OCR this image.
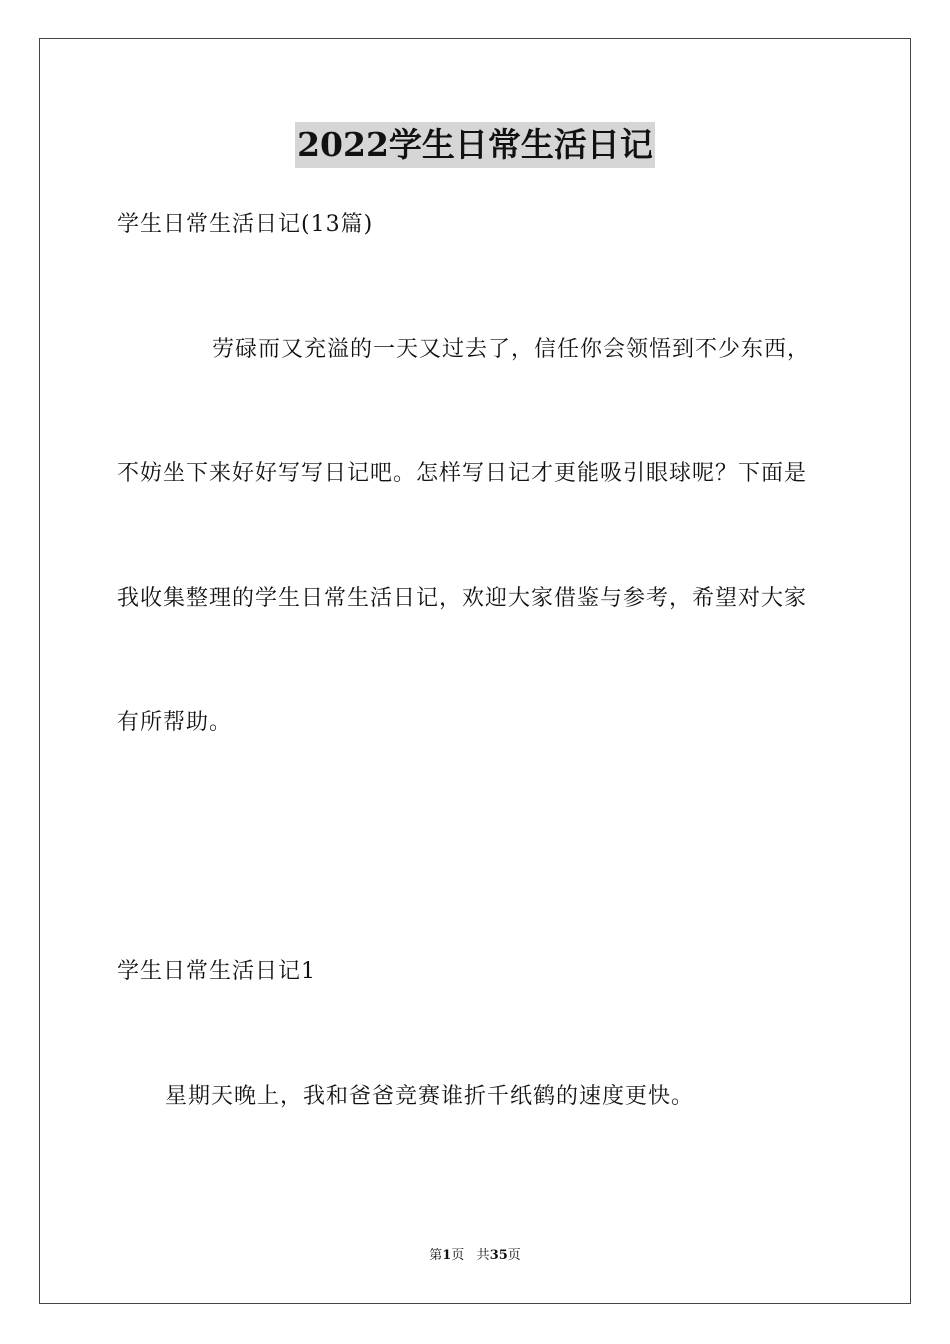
2022学生日常生活日记
学生日常生活日记(13篇)
劳碌而又充溢的一天又过去了，信任你会领悟到不少东西，
不妨坐下来好好写写日记吧。怎样写日记才更能吸引眼球呢？下面是
我收集整理的学生日常生活日记，欢迎大家借鉴与参考，希望对大家
有所帮助。
学生日常生活日记1
星期天晚上，我和爸爸竞赛谁折千纸鹤的速度更快。
第1页 共35页
